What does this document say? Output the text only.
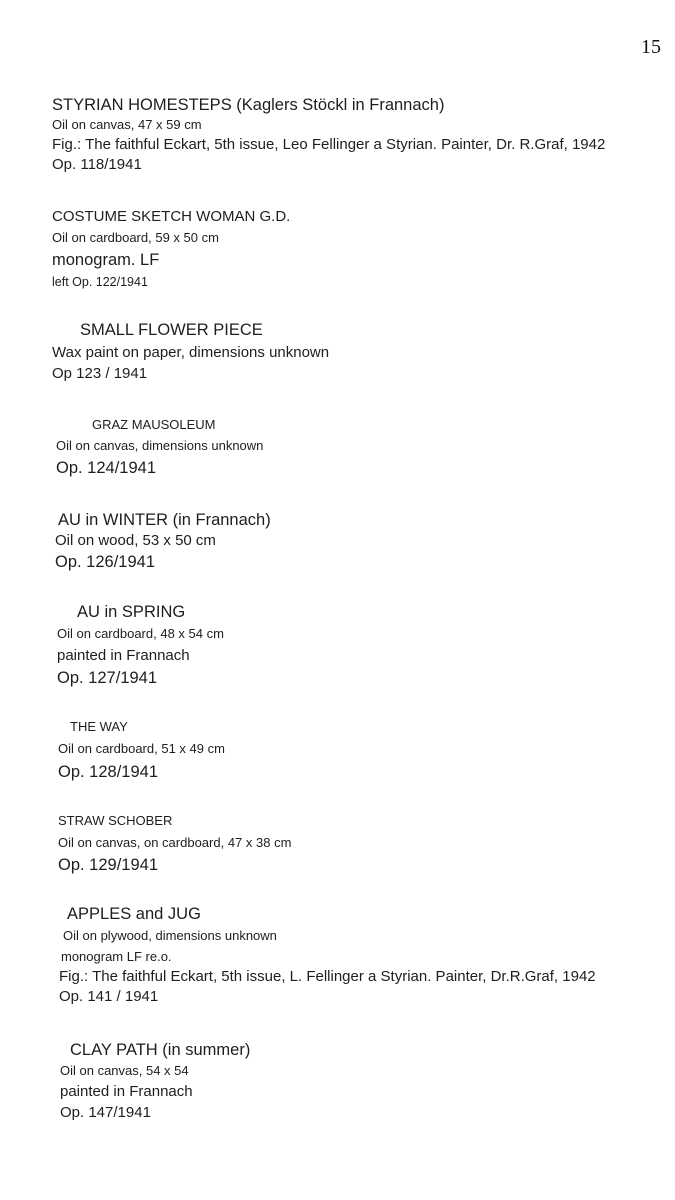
15
STYRIAN HOMESTEPS (Kaglers Stöckl in Frannach)
Oil on canvas, 47 x 59 cm
Fig.: The faithful Eckart, 5th issue, Leo Fellinger a Styrian. Painter, Dr. R.Graf, 1942
Op. 118/1941
COSTUME SKETCH WOMAN G.D.
Oil on cardboard, 59 x 50 cm
monogram. LF
left Op. 122/1941
SMALL FLOWER PIECE
Wax paint on paper, dimensions unknown
Op 123 / 1941
GRAZ MAUSOLEUM
Oil on canvas, dimensions unknown
Op. 124/1941
AU in WINTER (in Frannach)
Oil on wood, 53 x 50 cm
Op. 126/1941
AU in SPRING
Oil on cardboard, 48 x 54 cm
painted in Frannach
Op. 127/1941
THE WAY
Oil on cardboard, 51 x 49 cm
Op. 128/1941
STRAW SCHOBER
Oil on canvas, on cardboard, 47 x 38 cm
Op. 129/1941
APPLES and JUG
Oil on plywood, dimensions unknown
monogram LF re.o.
Fig.: The faithful Eckart, 5th issue, L. Fellinger a Styrian. Painter, Dr.R.Graf, 1942
Op. 141 / 1941
CLAY PATH (in summer)
Oil on canvas, 54 x 54
painted in Frannach
Op. 147/1941
